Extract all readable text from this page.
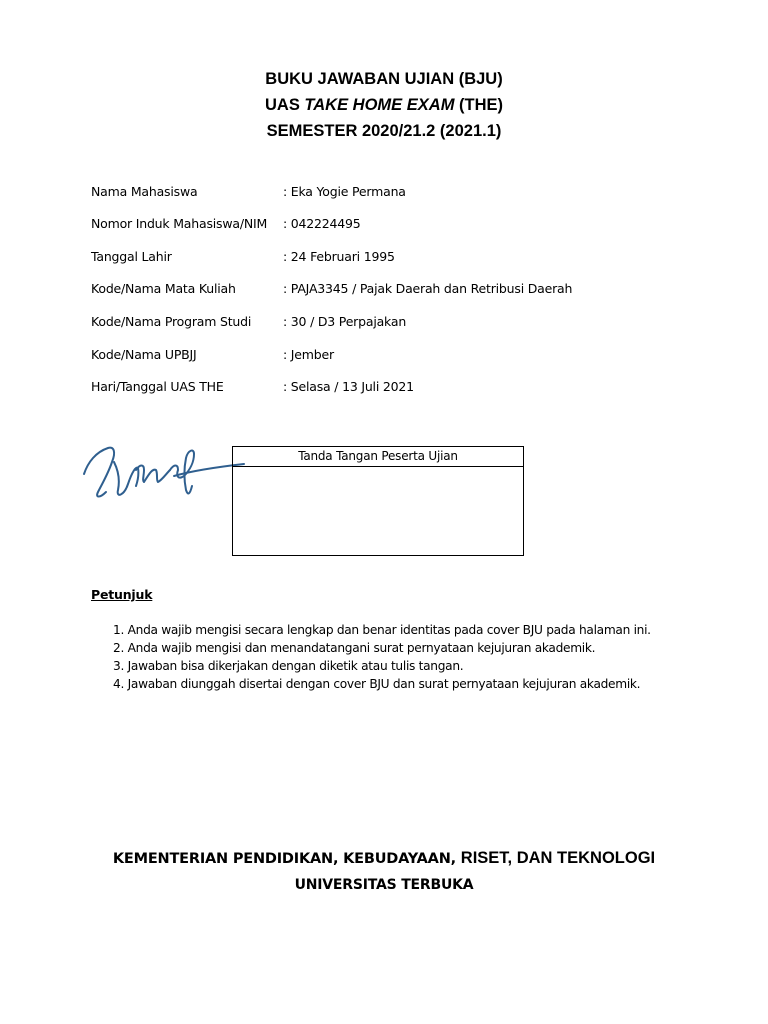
BUKU JAWABAN UJIAN (BJU)
UAS TAKE HOME EXAM (THE)
SEMESTER 2020/21.2 (2021.1)
Nama Mahasiswa	: Eka Yogie Permana
Nomor Induk Mahasiswa/NIM : 042224495
Tanggal Lahir	: 24 Februari 1995
Kode/Nama Mata Kuliah	: PAJA3345 / Pajak Daerah dan Retribusi Daerah
Kode/Nama Program Studi	: 30 / D3 Perpajakan
Kode/Nama UPBJJ	: Jember
Hari/Tanggal UAS THE	: Selasa / 13 Juli 2021
Tanda Tangan Peserta Ujian
Petunjuk
1. Anda wajib mengisi secara lengkap dan benar identitas pada cover BJU pada halaman ini.
2. Anda wajib mengisi dan menandatangani surat pernyataan kejujuran akademik.
3. Jawaban bisa dikerjakan dengan diketik atau tulis tangan.
4. Jawaban diunggah disertai dengan cover BJU dan surat pernyataan kejujuran akademik.
KEMENTERIAN PENDIDIKAN, KEBUDAYAAN, RISET, DAN TEKNOLOGI
UNIVERSITAS TERBUKA
